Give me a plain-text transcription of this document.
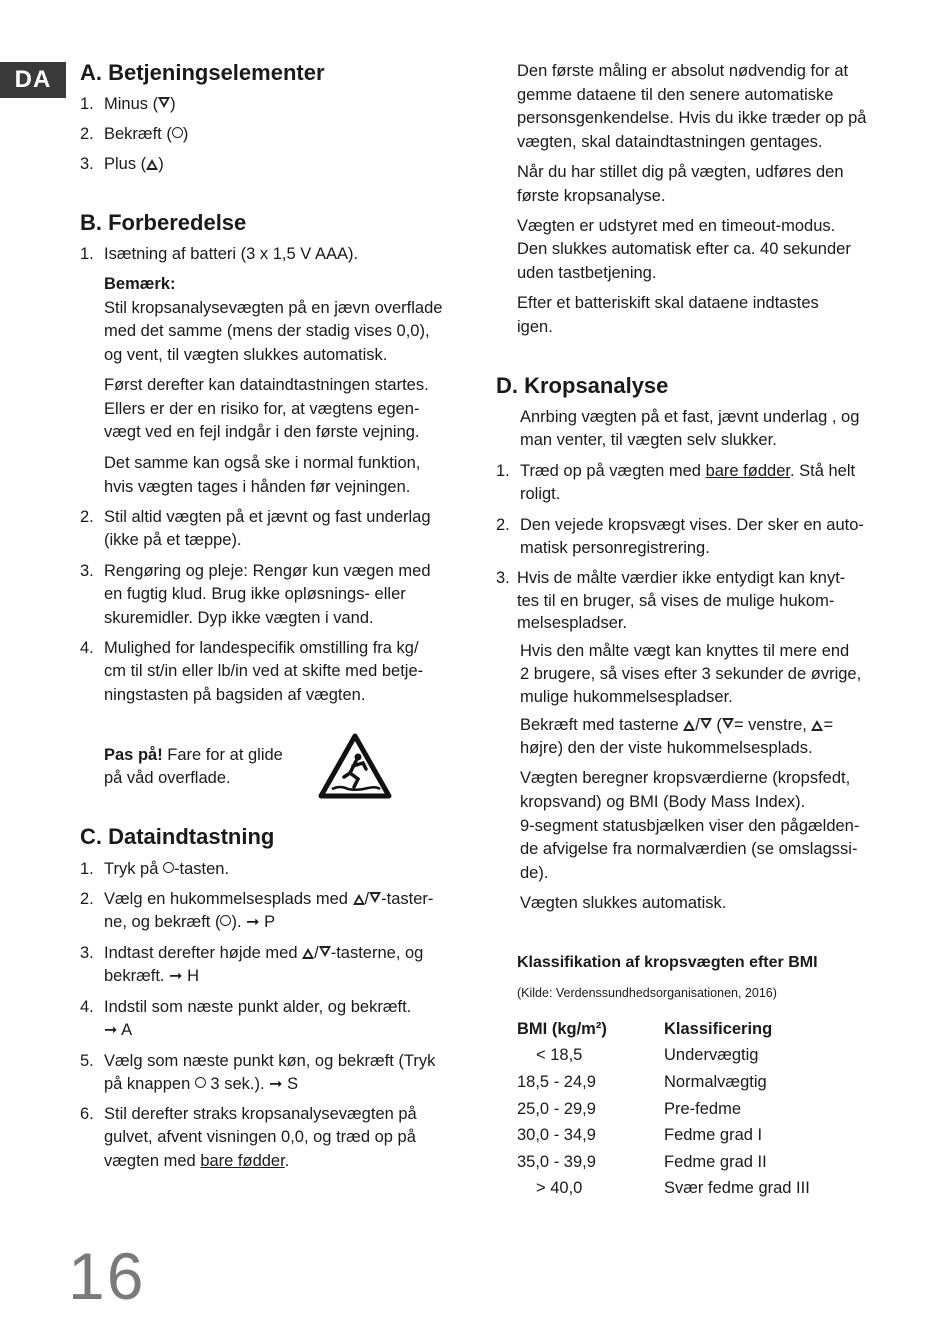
DA	A. Betjeningselementer
1. Minus ( )
2. Bekræft ( )
3. Plus ( )
B. Forberedelse
1. Isætning af batteri (3 x 1,5 V AAA).
Bemærk:
Stil kropsanalysevægten på en jævn overflade
med det samme (mens der stadig vises 0,0),
og vent, til vægten slukkes automatisk.
Først derefter kan dataindtastningen startes.
Ellers er der en risiko for, at vægtens egen-
vægt ved en fejl indgår i den første vejning.
Det samme kan også ske i normal funktion,
hvis vægten tages i hånden før vejningen.
2. Stil altid vægten på et jævnt og fast underlag
(ikke på et tæppe).
3. Rengøring og pleje: Rengør kun vægen med
en fugtig klud. Brug ikke opløsnings- eller
skuremidler. Dyp ikke vægten i vand.
4. Mulighed for landespecifik omstilling fra kg/
cm til st/in eller lb/in ved at skifte med betje-
ningstasten på bagsiden af vægten.
Pas på! Fare for at glide
på våd overflade.
C. Dataindtastning
1. Tryk på -tasten.
2. Vælg en hukommelsesplads med / -taster-
ne, og bekræft ( ). ➞ P
3. Indtast derefter højde med / -tasterne, og
bekræft. ➞ H
4. Indstil som næste punkt alder, og bekræft.
➞ A
5. Vælg som næste punkt køn, og bekræft (Tryk
på knappen  3 sek.). ➞ S
6. Stil derefter straks kropsanalysevægten på
gulvet, afvent visningen 0,0, og træd op på
vægten med bare fødder.
Den første måling er absolut nødvendig for at
gemme dataene til den senere automatiske
personsgenkendelse. Hvis du ikke træder op på
vægten, skal dataindtastningen gentages.
Når du har stillet dig på vægten, udføres den
første kropsanalyse.
Vægten er udstyret med en timeout-modus.
Den slukkes automatisk efter ca. 40 sekunder
uden tastbetjening.
Efter et batteriskift skal dataene indtastes
igen.
D. Kropsanalyse
Anrbing vægten på et fast, jævnt underlag , og
man venter, til vægten selv slukker.
1. Træd op på vægten med bare fødder. Stå helt
roligt.
2. Den vejede kropsvægt vises. Der sker en auto-
matisk personregistrering.
3. Hvis de målte værdier ikke entydigt kan knyt-
tes til en bruger, så vises de mulige hukom-
melsespladser.
Hvis den målte vægt kan knyttes til mere end
2 brugere, så vises efter 3 sekunder de øvrige,
mulige hukommelsespladser.
Bekræft med tasterne / ( = venstre, =
højre) den der viste hukommelsesplads.
Vægten beregner kropsværdierne (kropsfedt,
kropsvand) og BMI (Body Mass Index).
9-segment statusbjælken viser den pågælden-
de afvigelse fra normalværdien (se omslagssi-
de).
Vægten slukkes automatisk.
Klassifikation af kropsvægten efter BMI
(Kilde: Verdenssundhedsorganisationen, 2016)
BMI (kg/m²)	Klassificering
< 18,5	Undervægtig
18,5 - 24,9	Normalvægtig
25,0 - 29,9	Pre-fedme
30,0 - 34,9	Fedme grad I
35,0 - 39,9	Fedme grad II
> 40,0	Svær fedme grad III
16
